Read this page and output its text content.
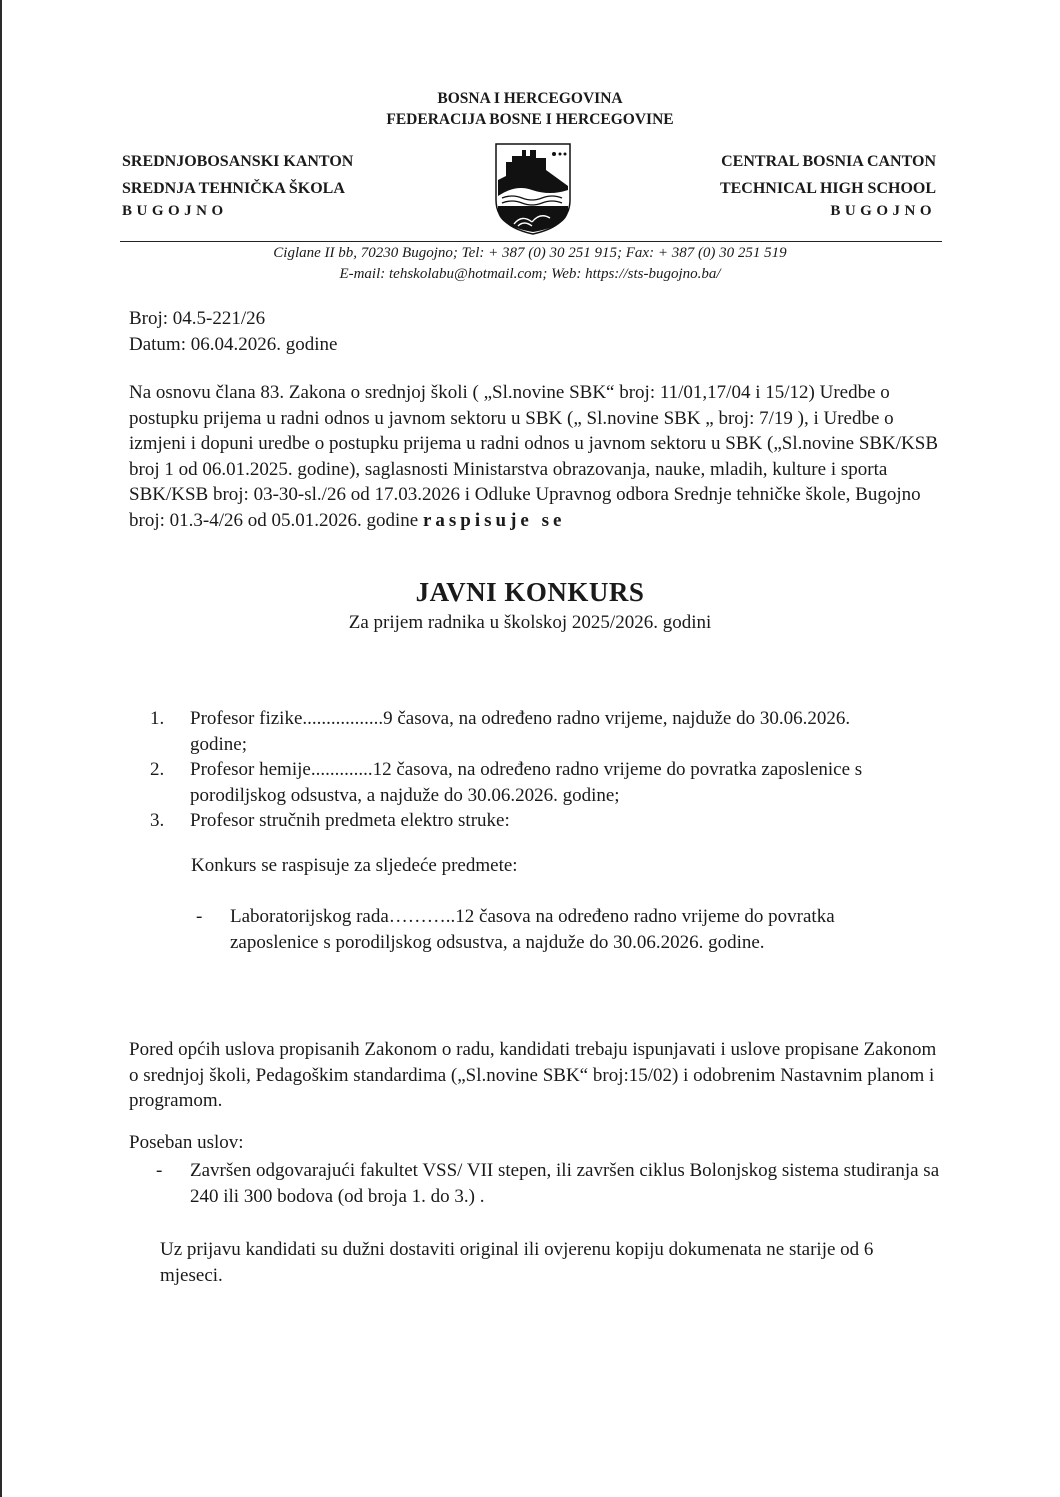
BOSNA I HERCEGOVINA
FEDERACIJA BOSNE I HERCEGOVINE
SREDNJOBOSANSKI KANTON
SREDNJA TEHNIČKA ŠKOLA
BUGOJNO
CENTRAL BOSNIA CANTON
TECHNICAL HIGH SCHOOL
BUGOJNO
Ciglane II bb, 70230 Bugojno; Tel: + 387 (0) 30 251 915; Fax: + 387 (0) 30 251 519
E-mail: tehskolabu@hotmail.com; Web: https://sts-bugojno.ba/
Broj: 04.5-221/26
Datum: 06.04.2026. godine
Na osnovu člana 83. Zakona o srednjoj školi ( „Sl.novine SBK“ broj: 11/01,17/04 i 15/12) Uredbe o postupku prijema u radni odnos u javnom sektoru u SBK („ Sl.novine SBK „ broj: 7/19 ), i Uredbe o izmjeni i dopuni uredbe o postupku prijema u radni odnos u javnom sektoru u SBK („Sl.novine SBK/KSB broj 1 od 06.01.2025. godine), saglasnosti Ministarstva obrazovanja, nauke, mladih, kulture i sporta SBK/KSB broj: 03-30-sl./26 od 17.03.2026 i Odluke Upravnog odbora Srednje tehničke škole, Bugojno broj: 01.3-4/26 od 05.01.2026. godine raspisuje se
JAVNI KONKURS
Za prijem radnika u školskoj 2025/2026. godini
1.	Profesor fizike.................9 časova, na određeno radno vrijeme, najduže do 30.06.2026. godine;
2.	Profesor hemije.............12 časova, na određeno radno vrijeme do povratka zaposlenice s porodiljskog odsustva, a najduže do 30.06.2026. godine;
3.	Profesor stručnih predmeta elektro struke:
Konkurs se raspisuje za sljedeće predmete:
-	Laboratorijskog rada………..12 časova na određeno radno vrijeme do povratka zaposlenice s porodiljskog odsustva, a najduže do 30.06.2026. godine.
Pored općih uslova propisanih Zakonom o radu, kandidati trebaju ispunjavati i uslove propisane Zakonom o srednjoj školi, Pedagoškim standardima („Sl.novine SBK“ broj:15/02) i odobrenim Nastavnim planom i programom.
Poseban uslov:
-	Završen odgovarajući fakultet VSS/ VII stepen, ili završen ciklus Bolonjskog sistema studiranja sa 240 ili 300 bodova (od broja 1. do 3.) .
Uz prijavu kandidati su dužni dostaviti original ili ovjerenu kopiju dokumenata ne starije od 6 mjeseci.
